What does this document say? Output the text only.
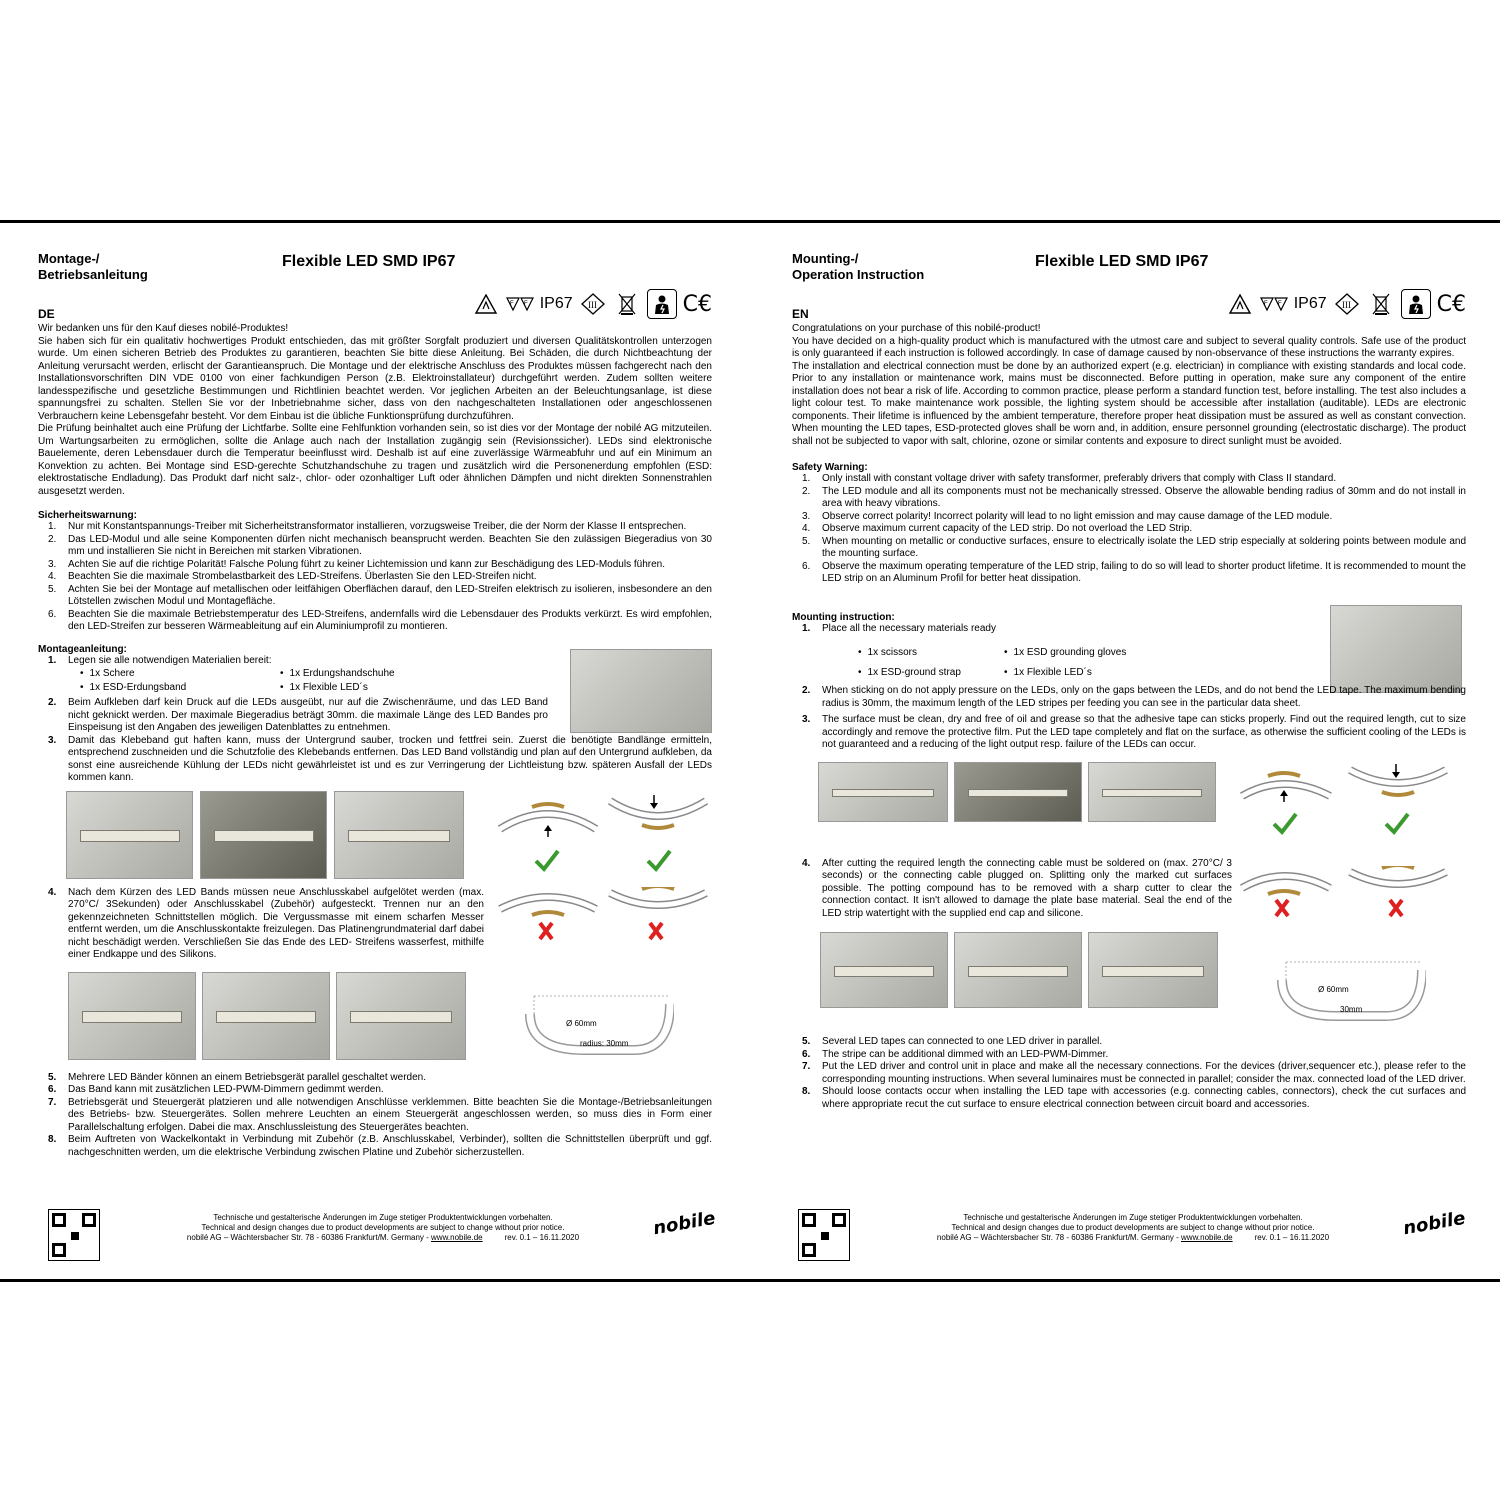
Montage-/
Betriebsanleitung
Flexible LED SMD IP67
DE
F F IP67 III	C€

Wir bedanken uns für den Kauf dieses nobilé-Produktes!

Sie haben sich für ein qualitativ hochwertiges Produkt entschieden, das mit größter Sorgfalt produziert und diversen Qualitätskontrollen unterzogen wurde. Um einen sicheren Betrieb des Produktes zu garantieren, beachten Sie bitte diese Anleitung. Bei Schäden, die durch Nichtbeachtung der Anleitung verursacht werden, erlischt der Garantieanspruch. Die Montage und der elektrische Anschluss des Produktes müssen fachgerecht nach den Installationsvorschriften DIN VDE 0100 von einer fachkundigen Person (z.B. Elektroinstallateur) durchgeführt werden. Zudem sollten weitere landesspezifische und gesetzliche Bestimmungen und Richtlinien beachtet werden. Vor jeglichen Arbeiten an der Beleuchtungsanlage, ist diese spannungsfrei zu schalten. Stellen Sie vor der Inbetriebnahme sicher, dass von den nachgeschalteten Installationen oder angeschlossenen Verbrauchern keine Lebensgefahr besteht. Vor dem Einbau ist die übliche Funktionsprüfung durchzuführen.

Die Prüfung beinhaltet auch eine Prüfung der Lichtfarbe. Sollte eine Fehlfunktion vorhanden sein, so ist dies vor der Montage der nobilé AG mitzuteilen. Um Wartungsarbeiten zu ermöglichen, sollte die Anlage auch nach der Installation zugängig sein (Revisionssicher). LEDs sind elektronische Bauelemente, deren Lebensdauer durch die Temperatur beeinflusst wird. Deshalb ist auf eine zuverlässige Wärmeabfuhr und auf ein Minimum an Konvektion zu achten. Bei Montage sind ESD-gerechte Schutzhandschuhe zu tragen und zusätzlich wird die Personenerdung empfohlen (ESD: elektrostatische Endladung). Das Produkt darf nicht salz-, chlor- oder ozonhaltiger Luft oder ähnlichen Dämpfen und nicht direkten Sonnenstrahlen ausgesetzt werden.

Sicherheitswarnung:
1. Nur mit Konstantspannungs-Treiber mit Sicherheitstransformator installieren, vorzugsweise Treiber, die der Norm der Klasse II entsprechen.
2. Das LED-Modul und alle seine Komponenten dürfen nicht mechanisch beansprucht werden. Beachten Sie den zulässigen Biegeradius von 30 mm und installieren Sie nicht in Bereichen mit starken Vibrationen.
3. Achten Sie auf die richtige Polarität! Falsche Polung führt zu keiner Lichtemission und kann zur Beschädigung des LED-Moduls führen.
4. Beachten Sie die maximale Strombelastbarkeit des LED-Streifens. Überlasten Sie den LED-Streifen nicht.
5. Achten Sie bei der Montage auf metallischen oder leitfähigen Oberflächen darauf, den LED-Streifen elektrisch zu isolieren, insbesondere an den Lötstellen zwischen Modul und Montagefläche.
6. Beachten Sie die maximale Betriebstemperatur des LED-Streifens, andernfalls wird die Lebensdauer des Produkts verkürzt. Es wird empfohlen, den LED-Streifen zur besseren Wärmeableitung auf ein Aluminiumprofil zu montieren.
Montageanleitung:
1. Legen sie alle notwendigen Materialien bereit:
• 1x Schere	• 1x Erdungshandschuhe
• 1x ESD-Erdungsband	• 1x Flexible LED´s
2. Beim Aufkleben darf kein Druck auf die LEDs ausgeübt, nur auf die Zwischenräume, und das LED Band nicht geknickt werden. Der maximale Biegeradius beträgt 30mm. die maximale Länge des LED Bandes pro Einspeisung ist den Angaben des jeweiligen Datenblattes zu entnehmen.
3. Damit das Klebeband gut haften kann, muss der Untergrund sauber, trocken und fettfrei sein. Zuerst die benötigte Bandlänge ermitteln, entsprechend zuschneiden und die Schutzfolie des Klebebands entfernen. Das LED Band vollständig und plan auf den Untergrund aufkleben, da sonst eine ausreichende Kühlung der LEDs nicht gewährleistet ist und es zur Verringerung der Lichtleistung bzw. späteren Ausfall der LEDs kommen kann.
4. Nach dem Kürzen des LED Bands müssen neue Anschlusskabel aufgelötet werden (max. 270°C/ 3Sekunden) oder Anschlusskabel (Zubehör) aufgesteckt. Trennen nur an den gekennzeichneten Schnittstellen möglich. Die Vergussmasse mit einem scharfen Messer entfernt werden, um die Anschlusskontakte freizulegen. Das Platinengrundmaterial darf dabei nicht beschädigt werden. Verschließen Sie das Ende des LED- Streifens wasserfest, mithilfe einer Endkappe und des Silikons.
Ø 60mm
radius: 30mm
5. Mehrere LED Bänder können an einem Betriebsgerät parallel geschaltet werden.
6. Das Band kann mit zusätzlichen LED-PWM-Dimmern gedimmt werden.
7. Betriebsgerät und Steuergerät platzieren und alle notwendigen Anschlüsse verklemmen. Bitte beachten Sie die Montage-/Betriebsanleitungen des Betriebs- bzw. Steuergerätes. Sollen mehrere Leuchten an einem Steuergerät angeschlossen werden, so muss dies in Form einer Parallelschaltung erfolgen. Dabei die max. Anschlussleistung des Steuergerätes beachten.
8. Beim Auftreten von Wackelkontakt in Verbindung mit Zubehör (z.B. Anschlusskabel, Verbinder), sollten die Schnittstellen überprüft und ggf. nachgeschnitten werden, um die elektrische Verbindung zwischen Platine und Zubehör sicherzustellen.
Technische und gestalterische Änderungen im Zuge stetiger Produktentwicklungen vorbehalten.
Technical and design changes due to product developments are subject to change without prior notice.
nobilé AG – Wächtersbacher Str. 78 - 60386 Frankfurt/M. Germany - www.nobile.de	rev. 0.1 – 16.11.2020	nobile
Mounting-/
Operation Instruction
Flexible LED SMD IP67
EN
F F IP67 III	C€

Congratulations on your purchase of this nobilé-product!

You have decided on a high-quality product which is manufactured with the utmost care and subject to several quality controls. Safe use of the product is only guaranteed if each instruction is followed accordingly. In case of damage caused by non-observance of these instructions the warranty expires.

The installation and electrical connection must be done by an authorized expert (e.g. electrician) in compliance with existing standards and local code. Prior to any installation or maintenance work, mains must be disconnected. Before putting in operation, make sure any component of the entire installation does not bear a risk of life. According to common practice, please perform a standard function test, before installing. The test also includes a light colour test. To make maintenance work possible, the lighting system should be accessible after installation (auditable). LEDs are electronic components. Their lifetime is influenced by the ambient temperature, therefore proper heat dissipation must be assured as well as constant convection. When mounting the LED tapes, ESD-protected gloves shall be worn and, in addition, ensure personnel grounding (electrostatic discharge). The product shall not be subjected to vapor with salt, chlorine, ozone or similar contents and exposure to direct sunlight must be avoided.

Safety Warning:
1. Only install with constant voltage driver with safety transformer, preferably drivers that comply with Class II standard.
2. The LED module and all its components must not be mechanically stressed. Observe the allowable bending radius of 30mm and do not install in area with heavy vibrations.
3. Observe correct polarity! Incorrect polarity will lead to no light emission and may cause damage of the LED module.
4. Observe maximum current capacity of the LED strip. Do not overload the LED Strip.
5. When mounting on metallic or conductive surfaces, ensure to electrically isolate the LED strip especially at soldering points between module and the mounting surface.
6. Observe the maximum operating temperature of the LED strip, failing to do so will lead to shorter product lifetime. It is recommended to mount the LED strip on an Aluminum Profil for better heat dissipation.
Mounting instruction:
1. Place all the necessary materials ready
• 1x scissors	• 1x ESD grounding gloves
• 1x ESD-ground strap	• 1x Flexible LED´s
2. When sticking on do not apply pressure on the LEDs, only on the gaps between the LEDs, and do not bend the LED tape. The maximum bending radius is 30mm, the maximum length of the LED stripes per feeding you can see in the particular data sheet.
3. The surface must be clean, dry and free of oil and grease so that the adhesive tape can sticks properly. Find out the required length, cut to size accordingly and remove the protective film. Put the LED tape completely and flat on the surface, as otherwise the sufficient cooling of the LEDs is not guaranteed and a reducing of the light output resp. failure of the LEDs can occur.
4. After cutting the required length the connecting cable must be soldered on (max. 270°C/ 3 seconds) or the connecting cable plugged on. Splitting only the marked cut surfaces possible. The potting compound has to be removed with a sharp cutter to clear the connection contact. It isn't allowed to damage the plate base material. Seal the end of the LED strip watertight with the supplied end cap and silicone.
Ø 60mm
30mm
5. Several LED tapes can connected to one LED driver in parallel.
6. The stripe can be additional dimmed with an LED-PWM-Dimmer.
7. Put the LED driver and control unit in place and make all the necessary connections. For the devices (driver,sequencer etc.), please refer to the corresponding mounting instructions. When several luminaires must be connected in parallel; consider the max. connected load of the LED driver.
8. Should loose contacts occur when installing the LED tape with accessories (e.g. connecting cables, connectors), check the cut surfaces and where appropriate recut the cut surface to ensure electrical connection between circuit board and accessories.
Technische und gestalterische Änderungen im Zuge stetiger Produktentwicklungen vorbehalten.
Technical and design changes due to product developments are subject to change without prior notice.
nobilé AG – Wächtersbacher Str. 78 - 60386 Frankfurt/M. Germany - www.nobile.de	rev. 0.1 – 16.11.2020	nobile
